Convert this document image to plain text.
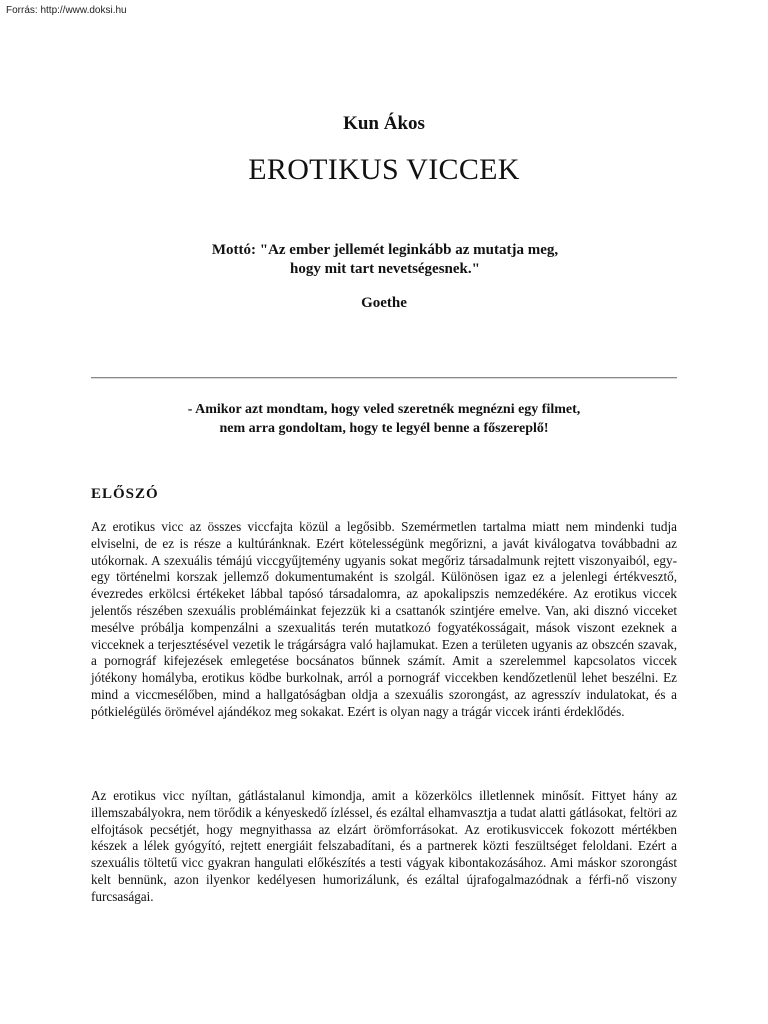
Forrás: http://www.doksi.hu
Kun Ákos
EROTIKUS VICCEK
Mottó: "Az ember jellemét leginkább az mutatja meg,
hogy mit tart nevetségesnek."
Goethe
- Amikor azt mondtam, hogy veled szeretnék megnézni egy filmet,
nem arra gondoltam, hogy te legyél benne a főszereplő!
ELŐSZÓ

Az erotikus vicc az összes viccfajta közül a legősibb. Szemérmetlen tartalma miatt nem mindenki tudja elviselni, de ez is része a kultúránknak. Ezért kötelességünk megőrizni, a javát kiválogatva továbbadni az utókornak. A szexuális témájú viccgyűjtemény ugyanis sokat megőriz társadalmunk rejtett viszonyaiból, egy-egy történelmi korszak jellemző dokumentumaként is szolgál. Különösen igaz ez a jelenlegi értékvesztő, évezredes erkölcsi értékeket lábbal tapósó társadalomra, az apokalipszis nemzedékére. Az erotikus viccek jelentős részében szexuális problémáinkat fejezzük ki a csattanók szintjére emelve. Van, aki disznó vicceket mesélve próbálja kompenzálni a szexualitás terén mutatkozó fogyatékosságait, mások viszont ezeknek a vicceknek a terjesztésével vezetik le trágárságra való hajlamukat. Ezen a területen ugyanis az obszcén szavak, a pornográf kifejezések emlegetése bocsánatos bűnnek számít. Amit a szerelemmel kapcsolatos viccek jótékony homályba, erotikus ködbe burkolnak, arról a pornográf viccekben kendőzetlenül lehet beszélni. Ez mind a viccmesélőben, mind a hallgatóságban oldja a szexuális szorongást, az agresszív indulatokat, és a pótkielégülés örömével ajándékoz meg sokakat. Ezért is olyan nagy a trágár viccek iránti érdeklődés.

Az erotikus vicc nyíltan, gátlástalanul kimondja, amit a közerkölcs illetlennek minősít. Fittyet hány az illemszabályokra, nem törődik a kényeskedő ízléssel, és ezáltal elhamvasztja a tudat alatti gátlásokat, feltöri az elfojtások pecsétjét, hogy megnyithassa az elzárt örömforrásokat. Az erotikusviccek fokozott mértékben készek a lélek gyógyító, rejtett energiáit felszabadítani, és a partnerek közti feszültséget feloldani. Ezért a szexuális töltetű vicc gyakran hangulati előkészítés a testi vágyak kibontakozásához. Ami máskor szorongást kelt bennünk, azon ilyenkor kedélyesen humorizálunk, és ezáltal újrafogalmazódnak a férfi-nő viszony furcsaságai.
